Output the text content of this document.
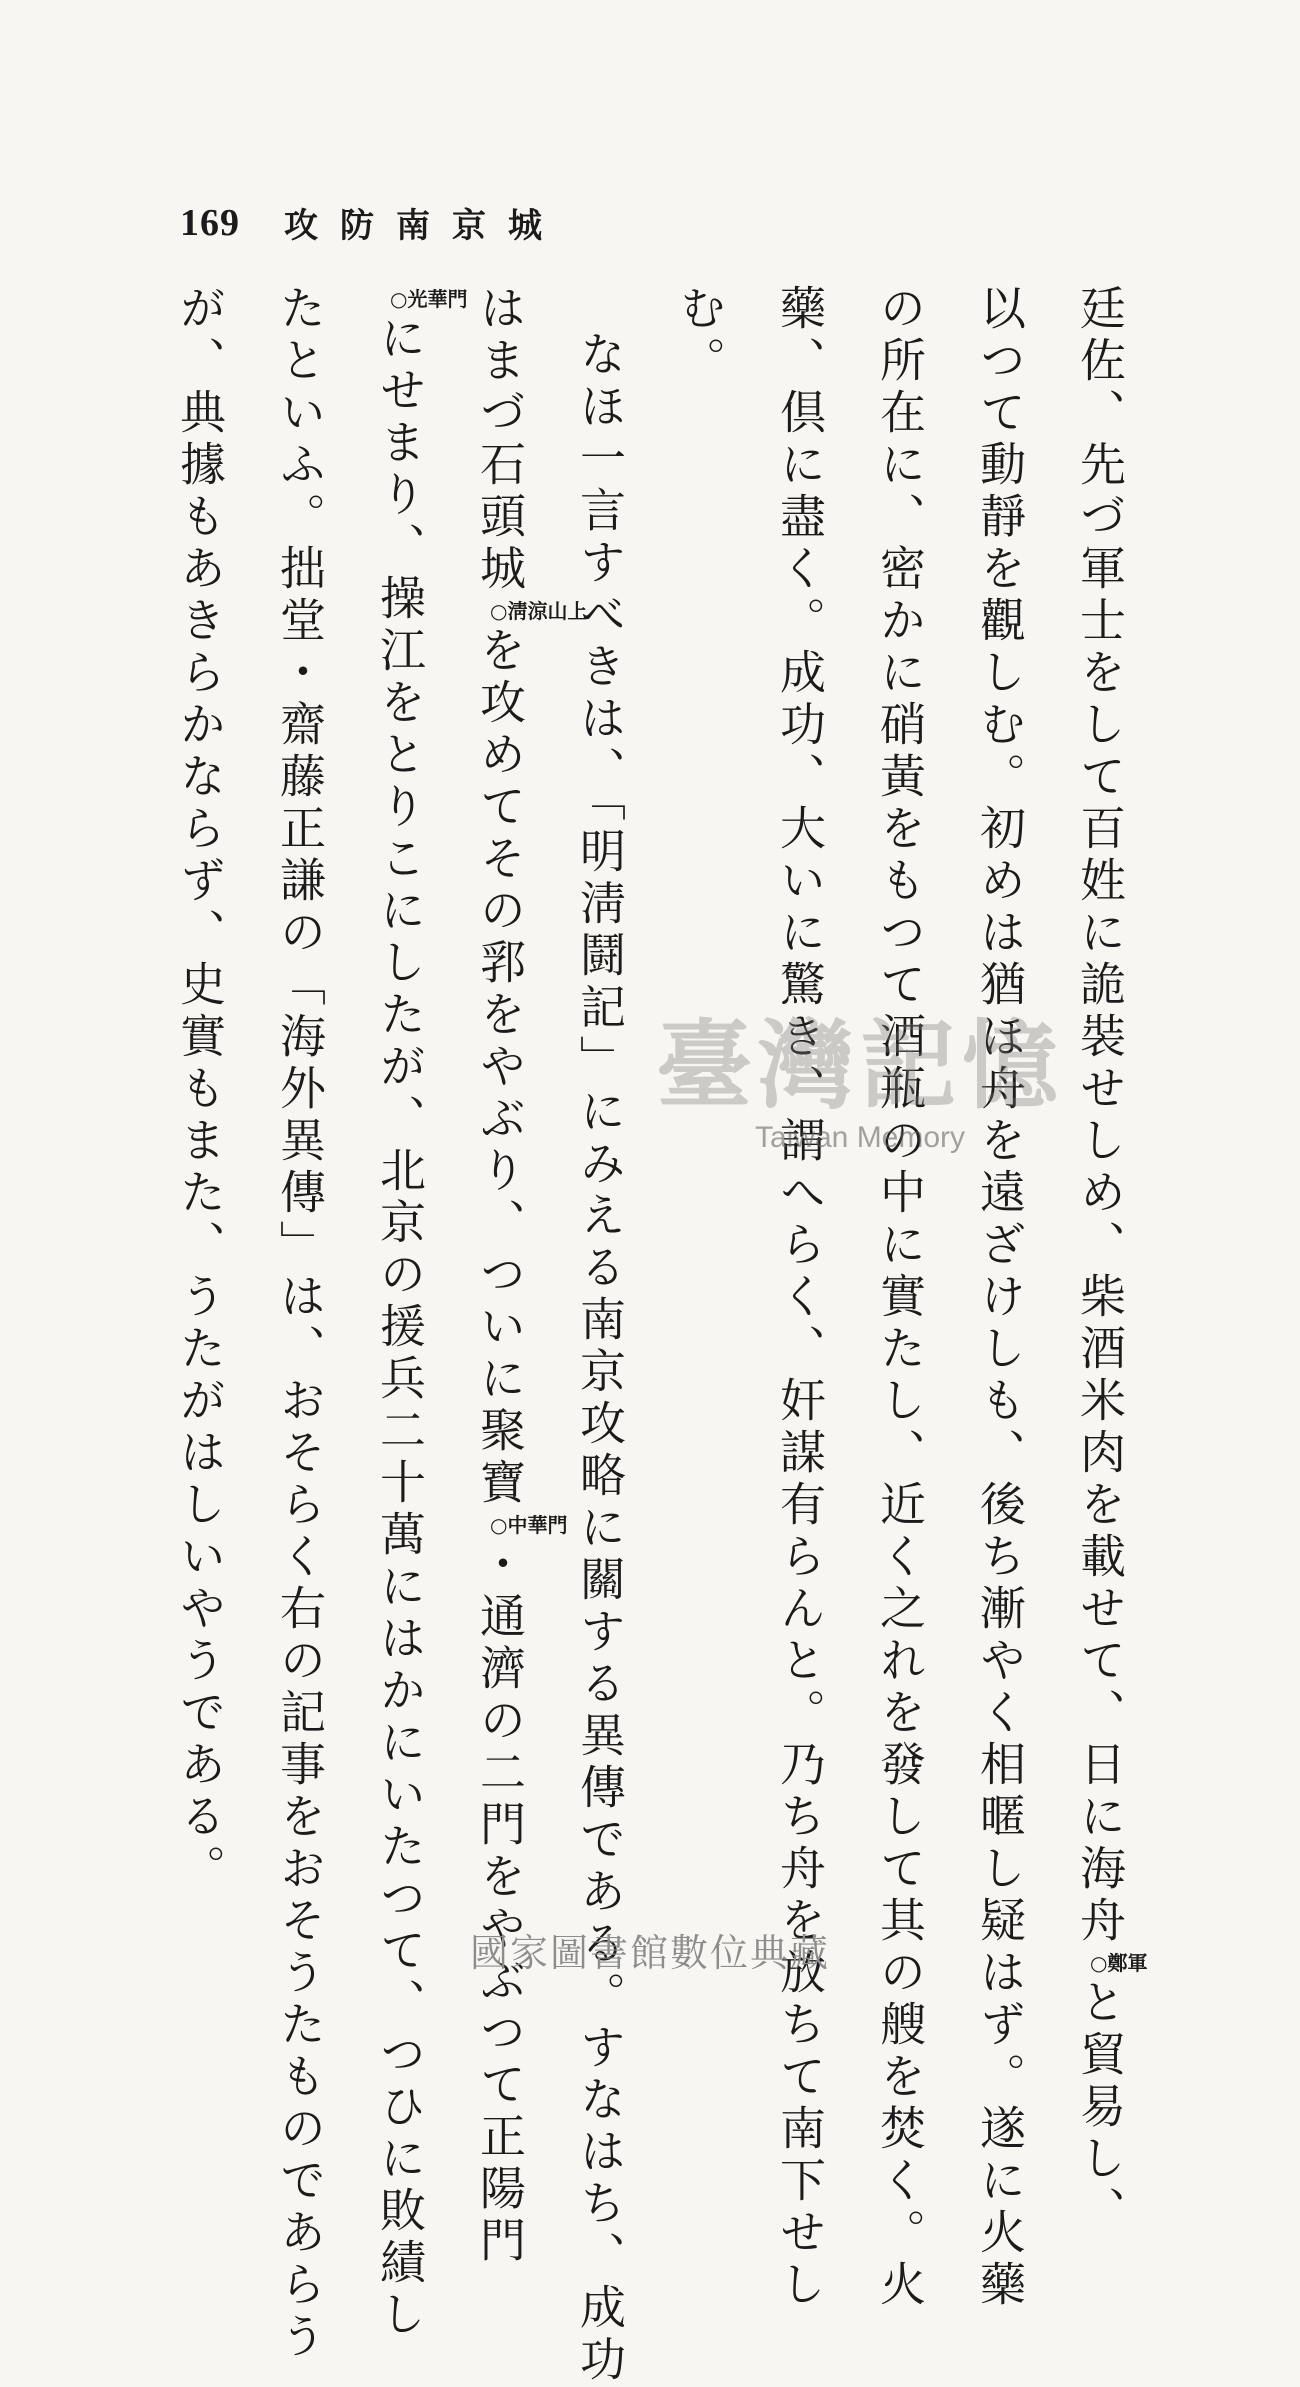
169 攻防南京城
廷佐、先づ軍士をして百姓に詭裝せしめ、柴酒米肉を載せて、日に海舟○鄭軍と貿易し、
以つて動靜を觀しむ。初めは猶ほ舟を遠ざけしも、後ち漸やく相暱し疑はず。遂に火藥
の所在に、密かに硝黃をもつて酒瓶の中に實たし、近く之れを發して其の艘を焚く。火
藥、倶に盡く。成功、大いに驚き、謂へらく、奸謀有らんと。乃ち舟を放ちて南下せし
む。
なほ一言すべきは、「明淸鬪記」にみえる南京攻略に關する異傳である。すなはち、成功
はまづ石頭城○淸涼山上を攻めてその郛をやぶり、ついに聚寶○中華門・通濟の二門をやぶつて正陽門
○光華門にせまり、操江をとりこにしたが、北京の援兵二十萬にはかにいたつて、つひに敗績し
たといふ。拙堂・齋藤正謙の「海外異傳」は、おそらく右の記事をおそうたものであらう
が、典據もあきらかならず、史實もまた、うたがはしいやうである。	臺灣記憶
Taiwan Memory
國家圖書館數位典藏
